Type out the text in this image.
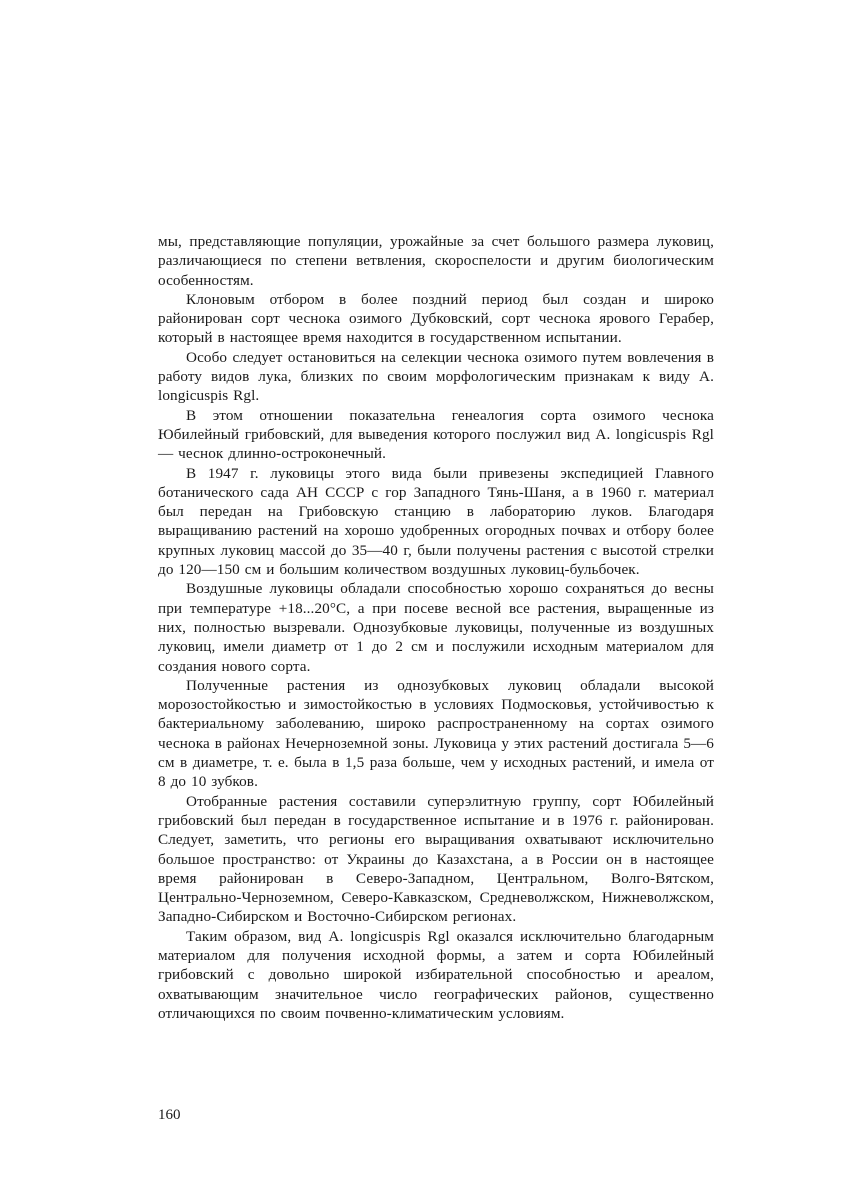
мы, представляющие популяции, урожайные за счет большого размера луковиц, различающиеся по степени ветвления, скороспелости и другим биологическим особенностям.

Клоновым отбором в более поздний период был создан и широко районирован сорт чеснока озимого Дубковский, сорт чеснока ярового Герабер, который в настоящее время находится в государственном испытании.

Особо следует остановиться на селекции чеснока озимого путем вовлечения в работу видов лука, близких по своим морфологическим признакам к виду A. longicuspis Rgl.

В этом отношении показательна генеалогия сорта озимого чеснока Юбилейный грибовский, для выведения которого послужил вид A. longicuspis Rgl — чеснок длинно-остроконечный.

В 1947 г. луковицы этого вида были привезены экспедицией Главного ботанического сада АН СССР с гор Западного Тянь-Шаня, а в 1960 г. материал был передан на Грибовскую станцию в лабораторию луков. Благодаря выращиванию растений на хорошо удобренных огородных почвах и отбору более крупных луковиц массой до 35—40 г, были получены растения с высотой стрелки до 120—150 см и большим количеством воздушных луковиц-бульбочек.

Воздушные луковицы обладали способностью хорошо сохраняться до весны при температуре +18...20°С, а при посеве весной все растения, выращенные из них, полностью вызревали. Однозубковые луковицы, полученные из воздушных луковиц, имели диаметр от 1 до 2 см и послужили исходным материалом для создания нового сорта.

Полученные растения из однозубковых луковиц обладали высокой морозостойкостью и зимостойкостью в условиях Подмосковья, устойчивостью к бактериальному заболеванию, широко распространенному на сортах озимого чеснока в районах Нечерноземной зоны. Луковица у этих растений достигала 5—6 см в диаметре, т. е. была в 1,5 раза больше, чем у исходных растений, и имела от 8 до 10 зубков.

Отобранные растения составили суперэлитную группу, сорт Юбилейный грибовский был передан в государственное испытание и в 1976 г. районирован. Следует, заметить, что регионы его выращивания охватывают исключительно большое пространство: от Украины до Казахстана, а в России он в настоящее время районирован в Северо-Западном, Центральном, Волго-Вятском, Центрально-Черноземном, Северо-Кавказском, Средневолжском, Нижневолжском, Западно-Сибирском и Восточно-Сибирском регионах.

Таким образом, вид A. longicuspis Rgl оказался исключительно благодарным материалом для получения исходной формы, а затем и сорта Юбилейный грибовский с довольно широкой избирательной способностью и ареалом, охватывающим значительное число географических районов, существенно отличающихся по своим почвенно-климатическим условиям.

160
